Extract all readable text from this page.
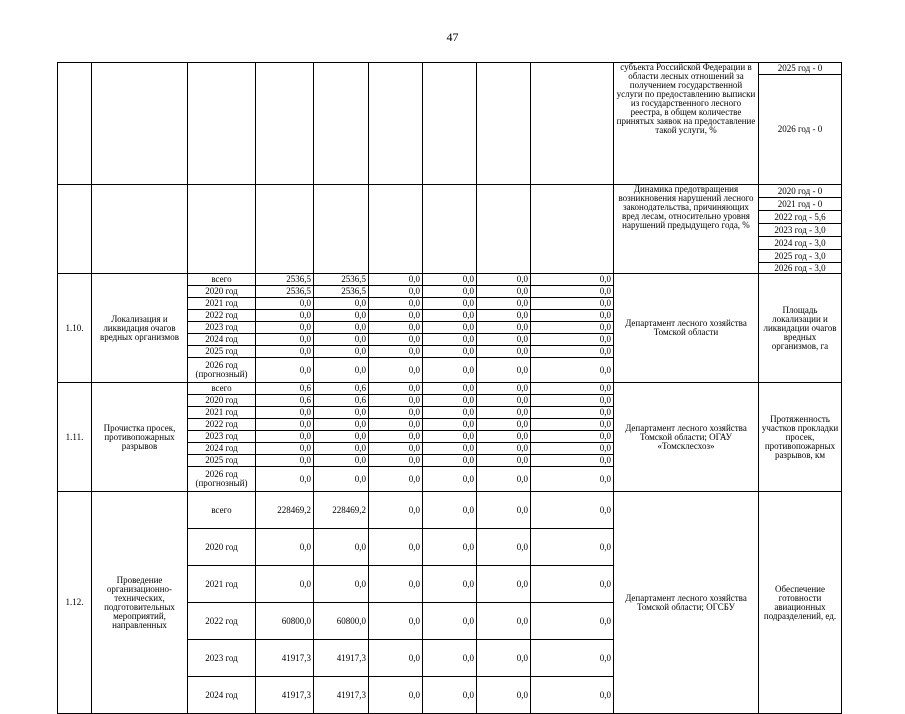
47
									субъекта Российской Федерации в области лесных отношений за получением государственной услуги по предоставлению выписки из государственного лесного реестра, в общем количестве принятых заявок на предоставление такой услуги, %	2025 год - 0	
										2026 год - 0	
									Динамика предотвращения возникновения нарушений лесного законодательства, причиняющих вред лесам, относительно уровня нарушений предыдущего года, %	2020 год - 0	
										2021 год - 0	
										2022 год - 5,6	
										2023 год - 3,0	
										2024 год - 3,0	
										2025 год - 3,0	
										2026 год - 3,0	
1.10.	Локализация и ликвидация очагов вредных организмов	всего	2536,5	2536,5	0,0	0,0	0,0	0,0	Департамент лесного хозяйства Томской области	Площадь локализации и ликвидации очагов вредных организмов, га	
		2020 год	2536,5	2536,5	0,0	0,0	0,0	0,0	
		2021 год	0,0	0,0	0,0	0,0	0,0	0,0	
		2022 год	0,0	0,0	0,0	0,0	0,0	0,0	
		2023 год	0,0	0,0	0,0	0,0	0,0	0,0	
		2024 год	0,0	0,0	0,0	0,0	0,0	0,0	
		2025 год	0,0	0,0	0,0	0,0	0,0	0,0	
		2026 год (прогнозный)	0,0	0,0	0,0	0,0	0,0	0,0	
1.11.	Прочистка просек, противопожарных разрывов	всего	0,6	0,6	0,0	0,0	0,0	0,0	Департамент лесного хозяйства Томской области; ОГАУ «Томсклесхоз»	Протяженность участков прокладки просек, противопожарных разрывов, км	
		2020 год	0,6	0,6	0,0	0,0	0,0	0,0	
		2021 год	0,0	0,0	0,0	0,0	0,0	0,0	
		2022 год	0,0	0,0	0,0	0,0	0,0	0,0	
		2023 год	0,0	0,0	0,0	0,0	0,0	0,0	
		2024 год	0,0	0,0	0,0	0,0	0,0	0,0	
		2025 год	0,0	0,0	0,0	0,0	0,0	0,0	
		2026 год (прогнозный)	0,0	0,0	0,0	0,0	0,0	0,0	
1.12.	Проведение организационно-технических, подготовительных мероприятий, направленных	всего	228469,2	228469,2	0,0	0,0	0,0	0,0	Департамент лесного хозяйства Томской области; ОГСБУ	Обеспечение готовности авиационных подразделений, ед.	
		2020 год	0,0	0,0	0,0	0,0	0,0	0,0	
		2021 год	0,0	0,0	0,0	0,0	0,0	0,0	
		2022 год	60800,0	60800,0	0,0	0,0	0,0	0,0	
		2023 год	41917,3	41917,3	0,0	0,0	0,0	0,0	
		2024 год	41917,3	41917,3	0,0	0,0	0,0	0,0	
